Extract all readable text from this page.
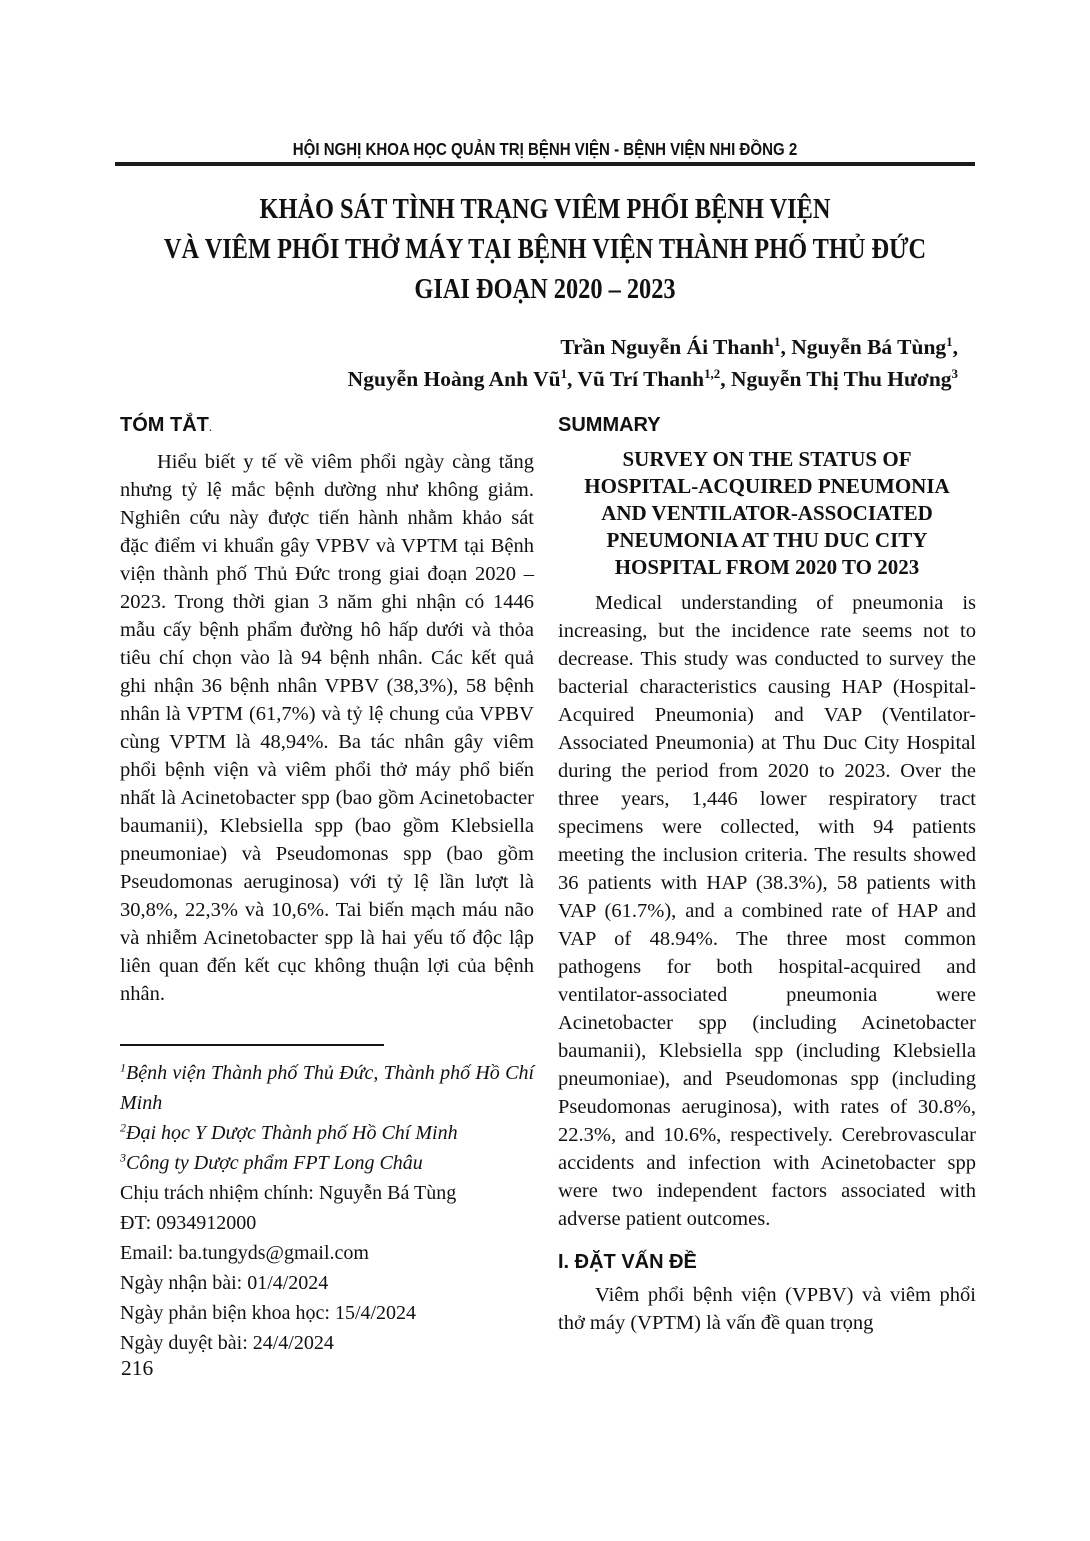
HỘI NGHỊ KHOA HỌC QUẢN TRỊ BỆNH VIỆN - BỆNH VIỆN NHI ĐỒNG 2
KHẢO SÁT TÌNH TRẠNG VIÊM PHỔI BỆNH VIỆN
VÀ VIÊM PHỔI THỞ MÁY TẠI BỆNH VIỆN THÀNH PHỐ THỦ ĐỨC
GIAI ĐOẠN 2020 – 2023
Trần Nguyễn Ái Thanh$^1$, Nguyễn Bá Tùng$^1$,
Nguyễn Hoàng Anh $Vũ^1$, Vũ Trí Thanh$^{1,2}$, Nguyễn Thị Thu Hương$^3$
TÓM TẮT.

Hiểu biết y tế về viêm phổi ngày càng tăng nhưng tỷ lệ mắc bệnh dường như không giảm. Nghiên cứu này được tiến hành nhằm khảo sát đặc điểm vi khuẩn gây VPBV và VPTM tại Bệnh viện thành phố Thủ Đức trong giai đoạn 2020 – 2023. Trong thời gian 3 năm ghi nhận có 1446 mẫu cấy bệnh phẩm đường hô hấp dưới và thỏa tiêu chí chọn vào là 94 bệnh nhân. Các kết quả ghi nhận 36 bệnh nhân VPBV (38,3%), 58 bệnh nhân là VPTM (61,7%) và tỷ lệ chung của VPBV cùng VPTM là 48,94%. Ba tác nhân gây viêm phổi bệnh viện và viêm phổi thở máy phổ biến nhất là Acinetobacter spp (bao gồm Acinetobacter baumanii), Klebsiella spp (bao gồm Klebsiella pneumoniae) và Pseudomonas spp (bao gồm Pseudomonas aeruginosa) với tỷ lệ lần lượt là 30,8%, 22,3% và 10,6%. Tai biến mạch máu não và nhiễm Acinetobacter spp là hai yếu tố độc lập liên quan đến kết cục không thuận lợi của bệnh nhân.

SUMMARY
SURVEY ON THE STATUS OF
HOSPITAL-ACQUIRED PNEUMONIA
AND VENTILATOR-ASSOCIATED
PNEUMONIA AT THU DUC CITY
HOSPITAL FROM 2020 TO 2023

Medical understanding of pneumonia is increasing, but the incidence rate seems not to decrease. This study was conducted to survey the bacterial characteristics causing HAP (Hospital-Acquired Pneumonia) and VAP (Ventilator-Associated Pneumonia) at Thu Duc City Hospital during the period from 2020 to 2023. Over the three years, 1,446 lower respiratory tract specimens were collected, with 94 patients meeting the inclusion criteria. The results showed 36 patients with HAP (38.3%), 58 patients with VAP (61.7%), and a combined rate of HAP and VAP of 48.94%. The three most common pathogens for both hospital-acquired and ventilator-associated pneumonia were Acinetobacter spp (including Acinetobacter baumanii), Klebsiella spp (including Klebsiella pneumoniae), and Pseudomonas spp (including Pseudomonas aeruginosa), with rates of 30.8%, 22.3%, and 10.6%, respectively. Cerebrovascular accidents and infection with Acinetobacter spp were two independent factors associated with adverse patient outcomes.

I. ĐẶT VẤN ĐỀ

Viêm phổi bệnh viện (VPBV) và viêm phổi thở máy (VPTM) là vấn đề quan trọng

$^1$Bệnh viện Thành phố Thủ Đức, Thành phố Hồ Chí Minh
$^2$Đại học Y Dược Thành phố Hồ Chí Minh
$^3$Công ty Dược phẩm FPT Long Châu
Chịu trách nhiệm chính: Nguyễn Bá Tùng
ĐT: 0934912000
Email: ba.tungyds@gmail.com
Ngày nhận bài: 01/4/2024
Ngày phản biện khoa học: 15/4/2024
Ngày duyệt bài: 24/4/2024
216
